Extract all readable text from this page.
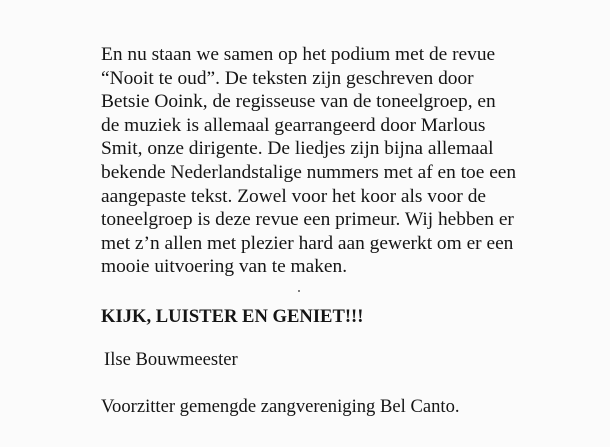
En nu staan we samen op het podium met de revue
“Nooit te oud”. De teksten zijn geschreven door
Betsie Ooink, de regisseuse van de toneelgroep, en
de muziek is allemaal gearrangeerd door Marlous
Smit, onze dirigente. De liedjes zijn bijna allemaal
bekende Nederlandstalige nummers met af en toe een
aangepaste tekst. Zowel voor het koor als voor de
toneelgroep is deze revue een primeur. Wij hebben er
met z’n allen met plezier hard aan gewerkt om er een
mooie uitvoering van te maken.

KIJK, LUISTER EN GENIET!!!

Ilse Bouwmeester

Voorzitter gemengde zangvereniging Bel Canto.
